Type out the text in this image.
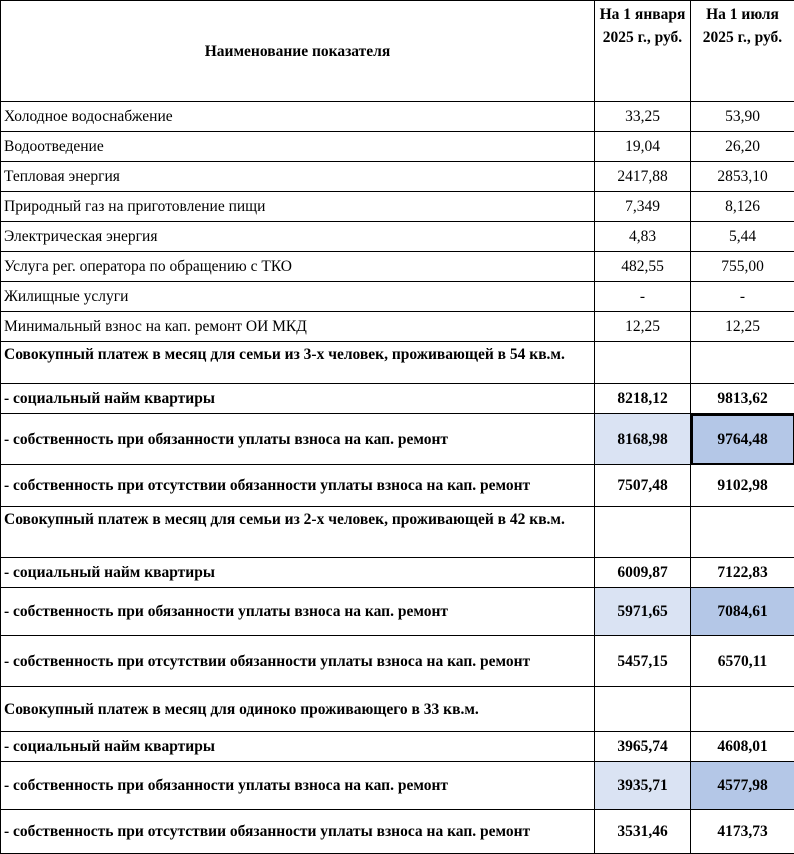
Наименование показателя	На 1 января 2025 г., руб.	На 1 июля 2025 г., руб.
Холодное водоснабжение	33,25	53,90
Водоотведение	19,04	26,20
Тепловая энергия	2417,88	2853,10
Природный газ на приготовление пищи	7,349	8,126
Электрическая энергия	4,83	5,44
Услуга рег. оператора по обращению с ТКО	482,55	755,00
Жилищные услуги	-	-
Минимальный взнос на кап. ремонт ОИ МКД	12,25	12,25
Совокупный платеж в месяц для семьи из 3-х человек, проживающей в 54 кв.м.		
- социальный найм квартиры	8218,12	9813,62
- собственность при обязанности уплаты взноса на кап. ремонт	8168,98	9764,48
- собственность при отсутствии обязанности уплаты взноса на кап. ремонт	7507,48	9102,98
Совокупный платеж в месяц для семьи из 2-х человек, проживающей в 42 кв.м.		
- социальный найм квартиры	6009,87	7122,83
- собственность при обязанности уплаты взноса на кап. ремонт	5971,65	7084,61
- собственность при отсутствии обязанности уплаты взноса на кап. ремонт	5457,15	6570,11
Совокупный платеж в месяц для одиноко проживающего в 33 кв.м.		
- социальный найм квартиры	3965,74	4608,01
- собственность при обязанности уплаты взноса на кап. ремонт	3935,71	4577,98
- собственность при отсутствии обязанности уплаты взноса на кап. ремонт	3531,46	4173,73
